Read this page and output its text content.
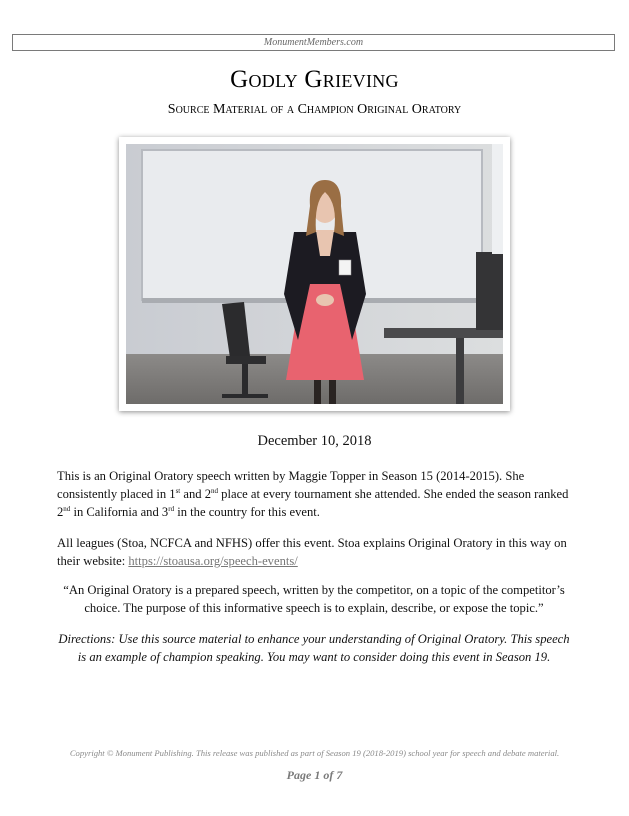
MonumentMembers.com
Godly Grieving
Source Material of a Champion Original Oratory
December 10, 2018

This is an Original Oratory speech written by Maggie Topper in Season 15 (2014-2015). She consistently placed in 1st and 2nd place at every tournament she attended. She ended the season ranked 2nd in California and 3rd in the country for this event.

All leagues (Stoa, NCFCA and NFHS) offer this event. Stoa explains Original Oratory in this way on their website: https://stoausa.org/speech-events/

“An Original Oratory is a prepared speech, written by the competitor, on a topic of the competitor’s choice. The purpose of this informative speech is to explain, describe, or expose the topic.”

Directions: Use this source material to enhance your understanding of Original Oratory. This speech is an example of champion speaking. You may want to consider doing this event in Season 19.

Copyright © Monument Publishing. This release was published as part of Season 19 (2018-2019) school year for speech and debate material.
Page 1 of 7
